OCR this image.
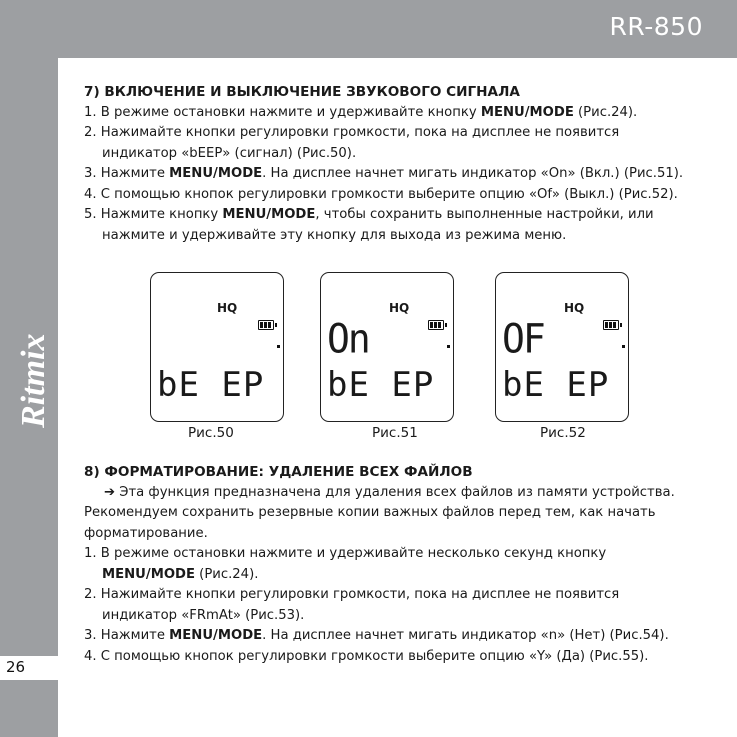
RR-850
Ritmix
26
7) ВКЛЮЧЕНИЕ И ВЫКЛЮЧЕНИЕ ЗВУКОВОГО СИГНАЛА
1. В режиме остановки нажмите и удерживайте кнопку MENU/MODE (Рис.24).
2. Нажимайте кнопки регулировки громкости, пока на дисплее не появится
индикатор «bEEP» (сигнал) (Рис.50).
3. Нажмите MENU/MODE. На дисплее начнет мигать индикатор «On» (Вкл.) (Рис.51).
4. С помощью кнопок регулировки громкости выберите опцию «Of» (Выкл.) (Рис.52).
5. Нажмите кнопку MENU/MODE, чтобы сохранить выполненные настройки, или
нажмите и удерживайте эту кнопку для выхода из режима меню.
HQ
bE EP
Рис.50
HQ
On
bE EP
Рис.51
HQ
OF
bE EP
Рис.52
8) ФОРМАТИРОВАНИЕ: УДАЛЕНИЕ ВСЕХ ФАЙЛОВ
➔ Эта функция предназначена для удаления всех файлов из памяти устройства.
Рекомендуем сохранить резервные копии важных файлов перед тем, как начать
форматирование.
1. В режиме остановки нажмите и удерживайте несколько секунд кнопку
MENU/MODE (Рис.24).
2. Нажимайте кнопки регулировки громкости, пока на дисплее не появится
индикатор «FRmAt» (Рис.53).
3. Нажмите MENU/MODE. На дисплее начнет мигать индикатор «n» (Нет) (Рис.54).
4. С помощью кнопок регулировки громкости выберите опцию «Y» (Да) (Рис.55).
